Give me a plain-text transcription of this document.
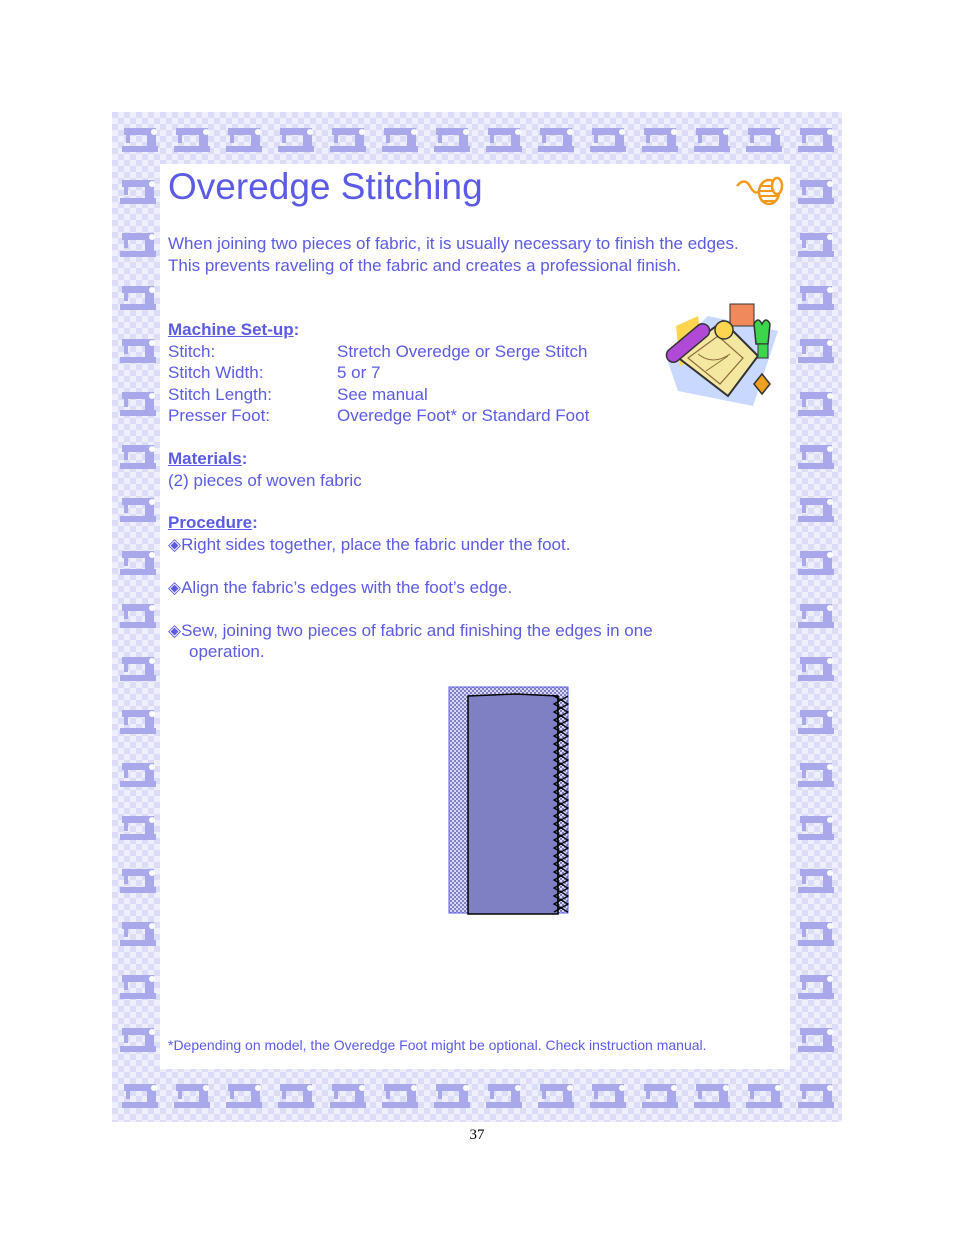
Overedge Stitching

When joining two pieces of fabric, it is usually necessary to finish the edges. This prevents raveling of the fabric and creates a professional finish.

Machine Set-up:
Stitch:	Stretch Overedge or Serge Stitch
Stitch Width:	5 or 7
Stitch Length:	See manual
Presser Foot:	Overedge Foot* or Standard Foot
Materials:
(2) pieces of woven fabric
Procedure:
◈Right sides together, place the fabric under the foot.
◈Align the fabric’s edges with the foot’s edge.
◈Sew, joining two pieces of fabric and finishing the edges in one operation.
*Depending on model, the Overedge Foot might be optional. Check instruction manual.
37
